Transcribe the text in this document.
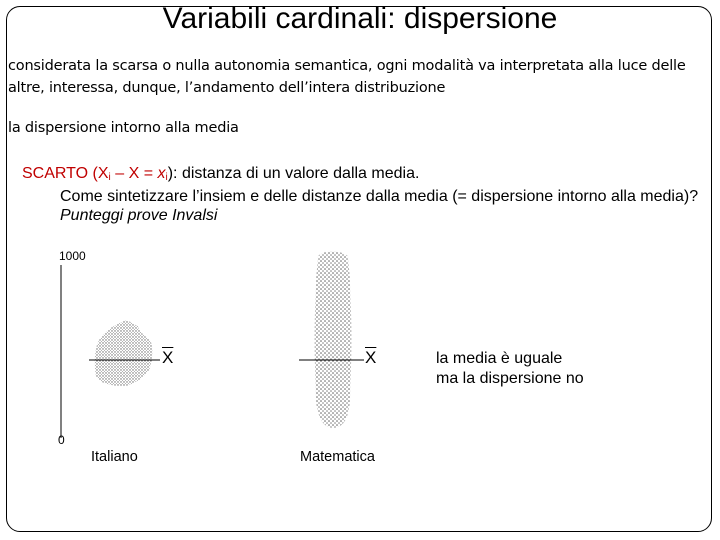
Variabili cardinali: dispersione
considerata la scarsa o nulla autonomia semantica, ogni modalità va interpretata alla luce delle altre, interessa, dunque, l’andamento dell’intera distribuzione
la dispersione intorno alla media
SCARTO $(X_i - X = x_i)$: distanza di un valore dalla media.
Come sintetizzare l’insiem e delle distanze dalla media (= dispersione intorno alla media)?
Punteggi prove Invalsi
1000
0
$\overline{X}$	$\overline{X}$
Italiano	Matematica
la media è uguale
ma la dispersione no
